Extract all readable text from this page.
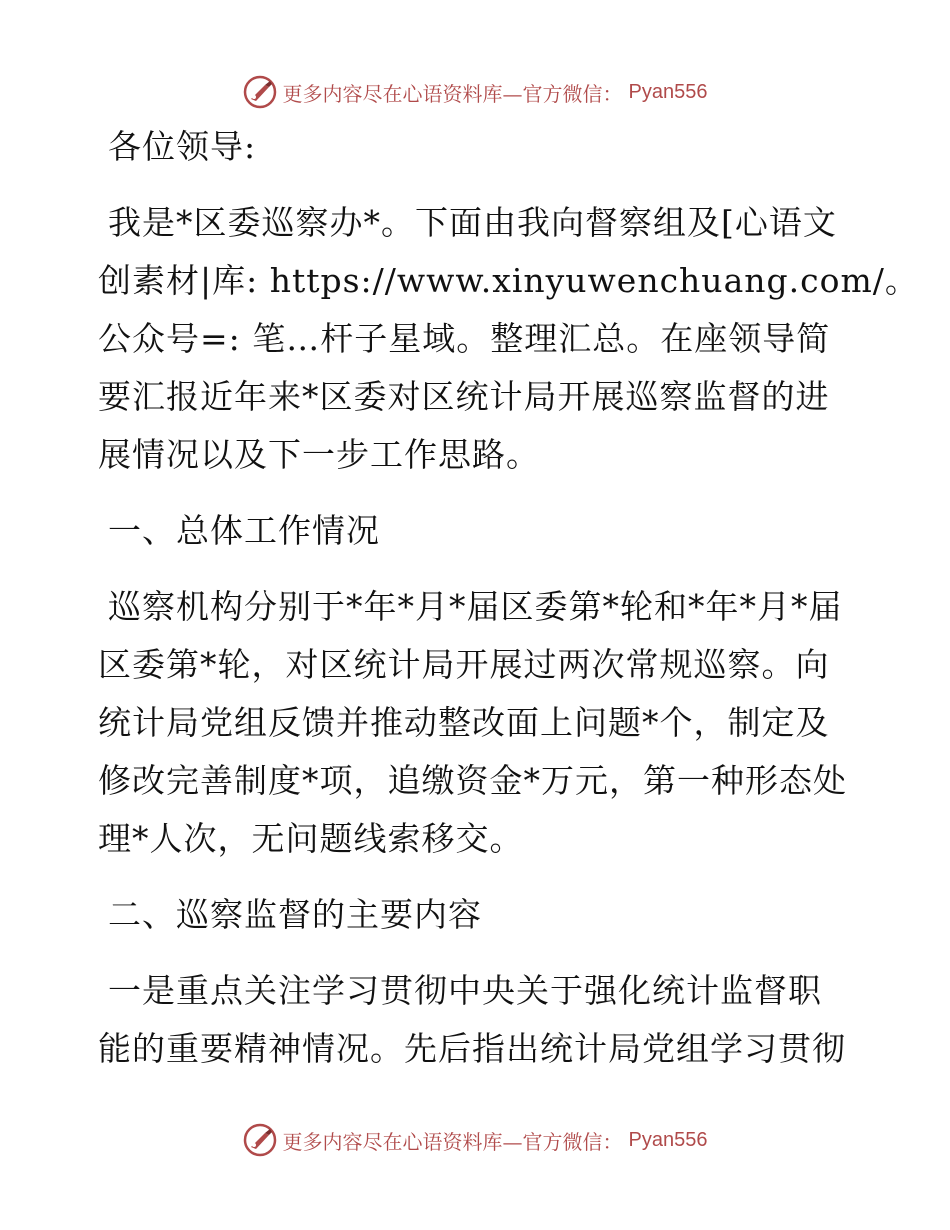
更多内容尽在心语资料库—官方微信： Pyan556

各位领导:

我是*区委巡察办*。下面由我向督察组及[心语文
创素材|库: https://www.xinyuwenchuang.com/。
公众号=: 笔…杆子星域。整理汇总。在座领导简
要汇报近年来*区委对区统计局开展巡察监督的进
展情况以及下一步工作思路。

一、总体工作情况

巡察机构分别于*年*月*届区委第*轮和*年*月*届
区委第*轮，对区统计局开展过两次常规巡察。向
统计局党组反馈并推动整改面上问题*个，制定及
修改完善制度*项，追缴资金*万元，第一种形态处
理*人次，无问题线索移交。

二、巡察监督的主要内容

一是重点关注学习贯彻中央关于强化统计监督职
能的重要精神情况。先后指出统计局党组学习贯彻

更多内容尽在心语资料库—官方微信： Pyan556
